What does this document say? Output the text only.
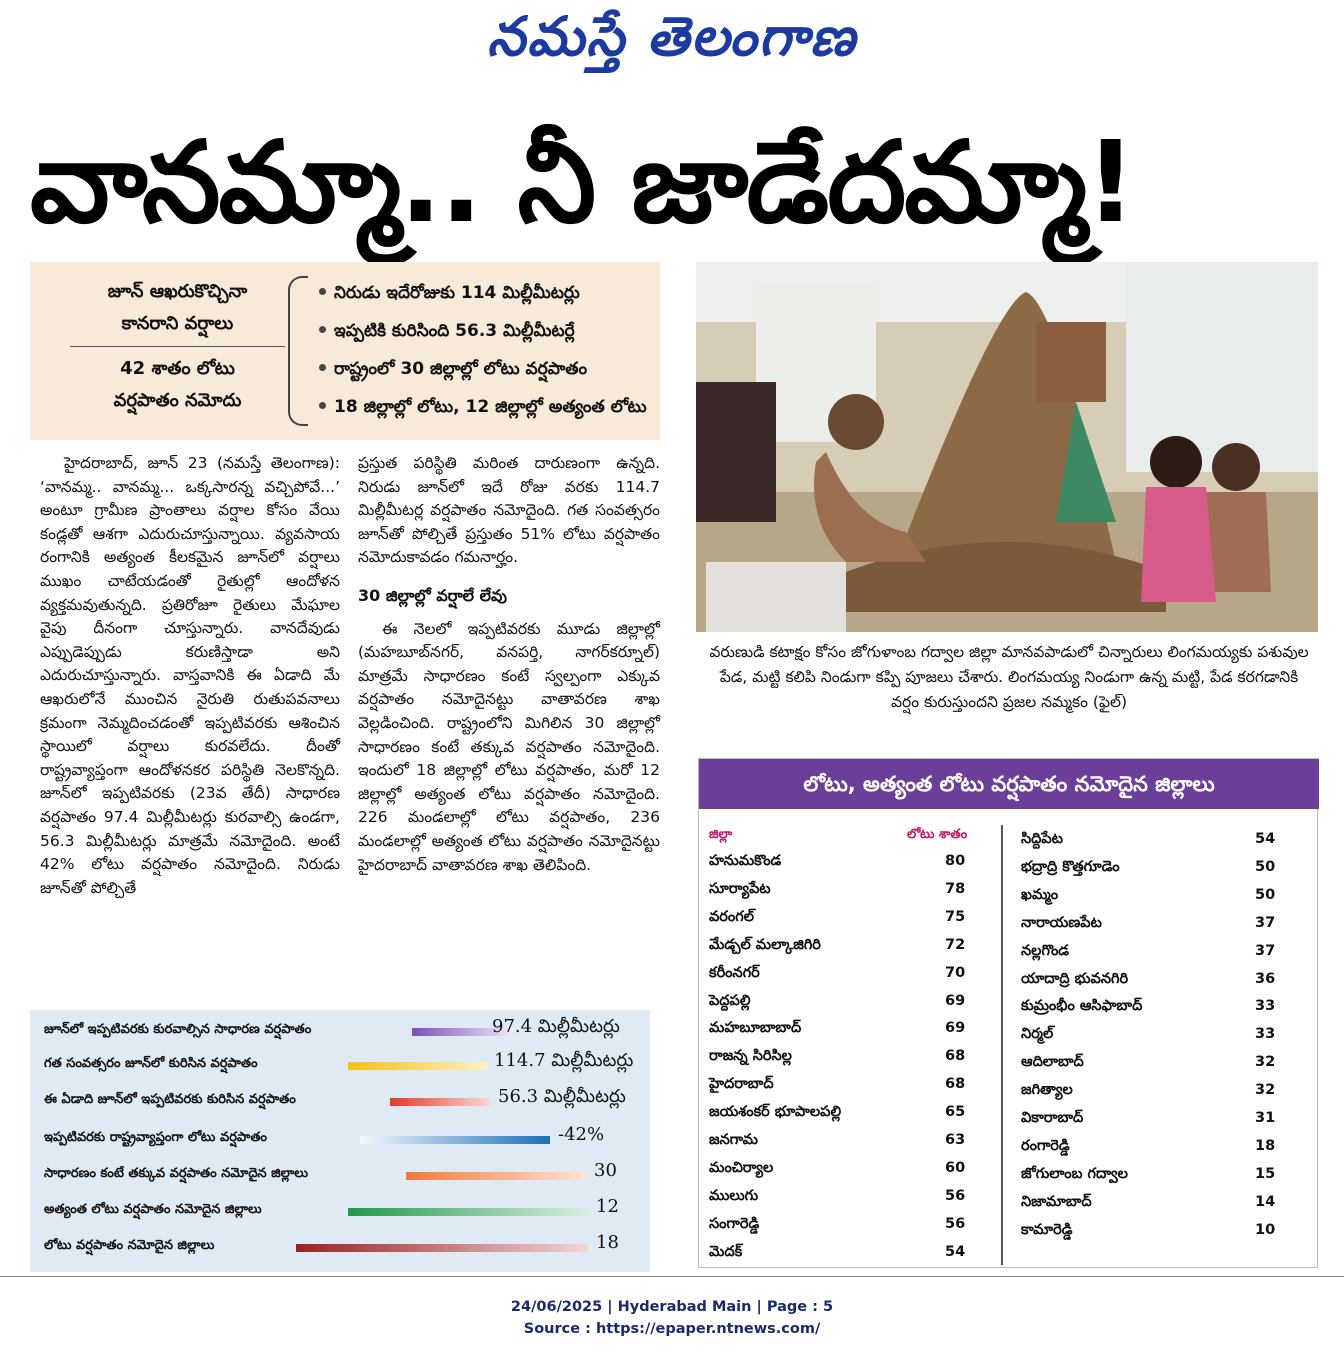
నమస్తే తెలంగాణ
వానమ్మా.. నీ జాడేదమ్మా!
జూన్ ఆఖరుకొచ్చినా
కానరాని వర్షాలు
42 శాతం లోటు
వర్షపాతం నమోదు
నిరుడు ఇదేరోజుకు 114 మిల్లీమీటర్లు
ఇప్పటికి కురిసింది 56.3 మిల్లీమీటర్లే
రాష్ట్రంలో 30 జిల్లాల్లో లోటు వర్షపాతం
18 జిల్లాల్లో లోటు, 12 జిల్లాల్లో అత్యంత లోటు

హైదరాబాద్, జూన్ 23 (నమస్తే తెలంగాణ): ‘వానమ్మ.. వానమ్మ... ఒక్కసారన్న వచ్చిపోవే...’ అంటూ గ్రామీణ ప్రాంతాలు వర్షాల కోసం వేయి కండ్లతో ఆశగా ఎదురుచూస్తున్నాయి. వ్యవసాయ రంగానికి అత్యంత కీలకమైన జూన్‌లో వర్షాలు ముఖం చాటేయడంతో రైతుల్లో ఆందోళన వ్యక్తమవుతున్నది. ప్రతిరోజూ రైతులు మేఘాల వైపు దీనంగా చూస్తున్నారు. వానదేవుడు ఎప్పుడెప్పుడు కరుణిస్తాడా అని ఎదురుచూస్తున్నారు. వాస్తవానికి ఈ ఏడాది మే ఆఖరులోనే ముంచిన నైరుతి రుతుపవనాలు క్రమంగా నెమ్మదించడంతో ఇప్పటివరకు ఆశించిన స్థాయిలో వర్షాలు కురవలేదు. దీంతో రాష్ట్రవ్యాప్తంగా ఆందోళనకర పరిస్థితి నెలకొన్నది. జూన్‌లో ఇప్పటివరకు (23వ తేదీ) సాధారణ వర్షపాతం 97.4 మిల్లీమీటర్లు కురవాల్సి ఉండగా, 56.3 మిల్లీమీటర్లు మాత్రమే నమోదైంది. అంటే 42% లోటు వర్షపాతం నమోదైంది. నిరుడు జూన్‌తో పోల్చితే

ప్రస్తుత పరిస్థితి మరింత దారుణంగా ఉన్నది. నిరుడు జూన్‌లో ఇదే రోజు వరకు 114.7 మిల్లీమీటర్ల వర్షపాతం నమోదైంది. గత సంవత్సరం జూన్‌తో పోల్చితే ప్రస్తుతం 51% లోటు వర్షపాతం నమోదుకావడం గమనార్హం.

30 జిల్లాల్లో వర్షాలే లేవు

ఈ నెలలో ఇప్పటివరకు మూడు జిల్లాల్లో (మహబూబ్‌నగర్, వనపర్తి, నాగర్‌కర్నూల్) మాత్రమే సాధారణం కంటే స్వల్పంగా ఎక్కువ వర్షపాతం నమోదైనట్టు వాతావరణ శాఖ వెల్లడించింది. రాష్ట్రంలోని మిగిలిన 30 జిల్లాల్లో సాధారణం కంటే తక్కువ వర్షపాతం నమోదైంది. ఇందులో 18 జిల్లాల్లో లోటు వర్షపాతం, మరో 12 జిల్లాల్లో అత్యంత లోటు వర్షపాతం నమోదైంది. 226 మండలాల్లో లోటు వర్షపాతం, 236 మండలాల్లో అత్యంత లోటు వర్షపాతం నమోదైనట్టు హైదరాబాద్ వాతావరణ శాఖ తెలిపింది.

వరుణుడి కటాక్షం కోసం జోగుళాంబ గద్వాల జిల్లా మానవపాడులో చిన్నారులు లింగమయ్యకు పశువుల పేడ, మట్టి కలిపి నిండుగా కప్పి పూజలు చేశారు. లింగమయ్య నిండుగా ఉన్న మట్టి, పేడ కరగడానికి వర్షం కురుస్తుందని ప్రజల నమ్మకం (ఫైల్)
జూన్‌లో ఇప్పటివరకు కురవాల్సిన సాధారణ వర్షపాతం	97.4 మిల్లీమీటర్లు
గత సంవత్సరం జూన్‌లో కురిసిన వర్షపాతం	114.7 మిల్లీమీటర్లు
ఈ ఏడాది జూన్‌లో ఇప్పటివరకు కురిసిన వర్షపాతం	56.3 మిల్లీమీటర్లు
ఇప్పటివరకు రాష్ట్రవ్యాప్తంగా లోటు వర్షపాతం	-42%
సాధారణం కంటే తక్కువ వర్షపాతం నమోదైన జిల్లాలు	30
అత్యంత లోటు వర్షపాతం నమోదైన జిల్లాలు	12
లోటు వర్షపాతం నమోదైన జిల్లాలు	18
లోటు, అత్యంత లోటు వర్షపాతం నమోదైన జిల్లాలు
జిల్లా	లోటు శాతం
హనుమకొండ	80
సూర్యాపేట	78
వరంగల్	75
మేడ్చల్ మల్కాజిగిరి	72
కరీంనగర్	70
పెద్దపల్లి	69
మహబూబాబాద్	69
రాజన్న సిరిసిల్ల	68
హైదరాబాద్	68
జయశంకర్ భూపాలపల్లి	65
జనగామ	63
మంచిర్యాల	60
ములుగు	56
సంగారెడ్డి	56
మెదక్	54
సిద్దిపేట	54
భద్రాద్రి కొత్తగూడెం	50
ఖమ్మం	50
నారాయణపేట	37
నల్లగొండ	37
యాదాద్రి భువనగిరి	36
కుమ్రంభీం ఆసిఫాబాద్	33
నిర్మల్	33
ఆదిలాబాద్	32
జగిత్యాల	32
వికారాబాద్	31
రంగారెడ్డి	18
జోగులాంబ గద్వాల	15
నిజామాబాద్	14
కామారెడ్డి	10
24/06/2025 | Hyderabad Main | Page : 5
Source : https://epaper.ntnews.com/
